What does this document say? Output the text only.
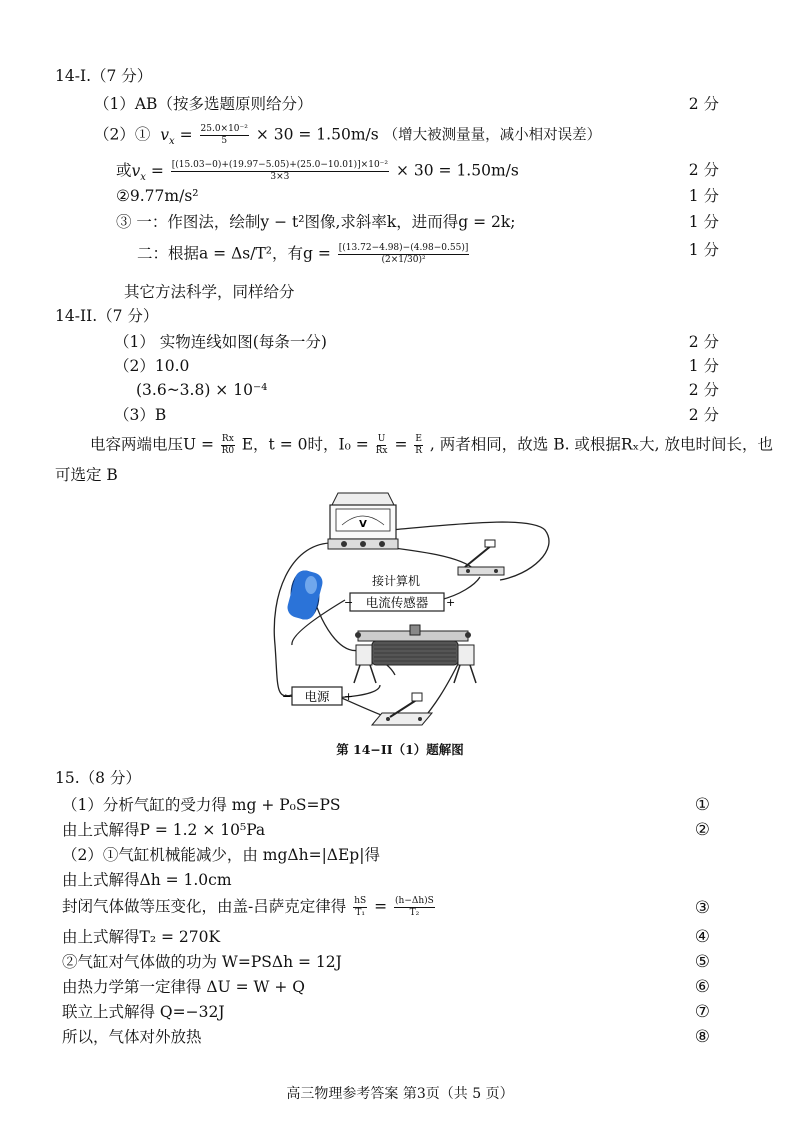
14-I.（7 分）
（1）AB（按多选题原则给分）	2 分
（2）①  $v_x = \frac{\text{25.0×10⁻²}}{5} \times 30 = 1.50m/s$ （增大被测量量，减小相对误差）
或$v_x = \frac{\text{[(15.03−0)+(19.97−5.05)+(25.0−10.01)]×10⁻²}}{3\times 3} \times 30 = 1.50m/s$	2 分
②9.77m/s²	1 分
③ 一：作图法，绘制y − t²图像,求斜率k，进而得g = 2k;	1 分
二：根据a = Δs/T²，有$g = \frac{[(13.72-4.98)-(4.98-0.55)]}{\text{(2×1/30)²}}$	1 分
其它方法科学，同样给分
14-II.（7 分）
（1） 实物连线如图(每条一分)	2 分
（2）10.0	1 分
(3.6~3.8) × 10⁻⁴	2 分
（3）B	2 分
电容两端电压$U = \frac{Rx}{R0}$ E，t = 0时，$I_0 = \frac{U}{Rx} = \frac{E}{R}$ , 两者相同，故选 B. 或根据Rₓ大, 放电时间长，也
可选定 B
V
接计算机
电流传感器
−	+
电源
−	+
第 14−II（1）题解图
15.（8 分）
（1）分析气缸的受力得 mg + P₀S=PS	①
由上式解得P = 1.2 × 10⁵Pa	②
（2）①气缸机械能减少，由 mgΔh=|ΔEp|得
由上式解得Δh = 1.0cm
封闭气体做等压变化，由盖-吕萨克定律得 $\frac{hS}{\text{T₁}} = \frac{(h-\Delta h)S}{\text{T₂}}$	③
由上式解得T₂ = 270K	④
②气缸对气体做的功为 W=PSΔh = 12J	⑤
由热力学第一定律得 ΔU = W + Q	⑥
联立上式解得 Q=−32J	⑦
所以，气体对外放热	⑧
高三物理参考答案 第3页（共 5 页）
